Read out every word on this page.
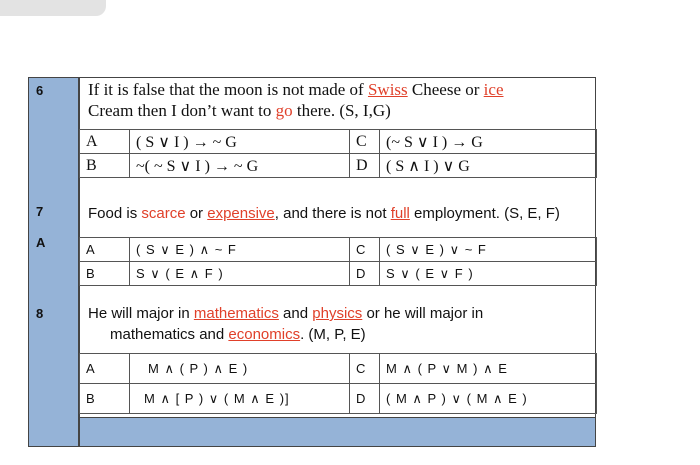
6
7
A
8
If it is false that the moon is not made of Swiss Cheese or ice
Cream then I don’t want to go there. (S, I,G)
A	( S ∨ I ) → ~ G	C	(~ S ∨ I ) → G
B	~( ~ S ∨ I ) → ~ G	D	( S ∧ I ) ∨ G
Food is scarce or expensive, and there is not full employment. (S, E, F)
A	( S ∨ E ) ∧ ~ F	C	( S ∨ E ) ∨ ~ F
B	S ∨ ( E ∧ F )	D	S ∨ ( E ∨ F )
He will major in mathematics and physics or he will major in
mathematics and economics. (M, P, E)
A	M ∧ ( P ) ∧ E )	C	M ∧ ( P ∨ M ) ∧ E
B	M ∧ [ P ) ∨ ( M ∧ E )]	D	( M ∧ P ) ∨ ( M ∧ E )
